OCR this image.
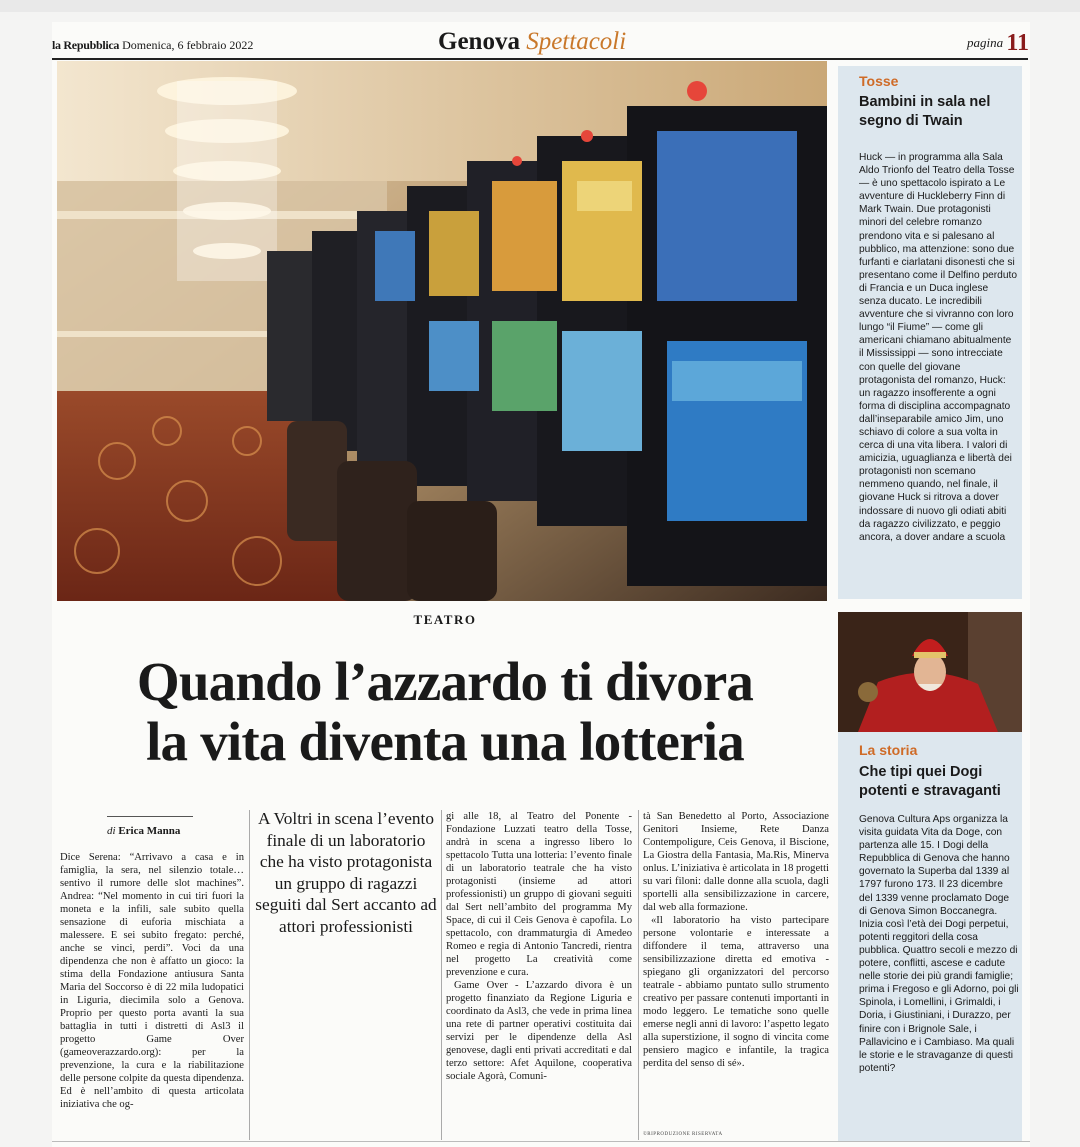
la Repubblica Domenica, 6 febbraio 2022	Genova Spettacoli	pagina 11
TEATRO
Quando l’azzardo ti divora
la vita diventa una lotteria
di Erica Manna

Dice Serena: “Arrivavo a casa e in famiglia, la sera, nel silenzio totale… sentivo il rumore delle slot machines”. Andrea: “Nel momento in cui tiri fuori la moneta e la infili, sale subito quella sensazione di euforia mischiata a malessere. E sei subito fregato: perché, anche se vinci, perdi”. Voci da una dipendenza che non è affatto un gioco: la stima della Fondazione antiusura Santa Maria del Soccorso è di 22 mila ludopatici in Liguria, diecimila solo a Genova. Proprio per questo porta avanti la sua battaglia in tutti i distretti di Asl3 il progetto Game Over (gameoverazzardo.org): per la prevenzione, la cura e la riabilitazione delle persone colpite da questa dipendenza. Ed è nell’ambito di questa articolata iniziativa che og-

A Voltri in scena l’evento finale di un laboratorio che ha visto protagonista un gruppo di ragazzi seguiti dal Sert accanto ad attori professionisti

gi alle 18, al Teatro del Ponente - Fondazione Luzzati teatro della Tosse, andrà in scena a ingresso libero lo spettacolo Tutta una lotteria: l’evento finale di un laboratorio teatrale che ha visto protagonisti (insieme ad attori professionisti) un gruppo di giovani seguiti dal Sert nell’ambito del programma My Space, di cui il Ceis Genova è capofila. Lo spettacolo, con drammaturgia di Amedeo Romeo e regia di Antonio Tancredi, rientra nel progetto La creatività come prevenzione e cura.

Game Over - L’azzardo divora è un progetto finanziato da Regione Liguria e coordinato da Asl3, che vede in prima linea una rete di partner operativi costituita dai servizi per le dipendenze della Asl genovese, dagli enti privati accreditati e dal terzo settore: Afet Aquilone, cooperativa sociale Agorà, Comuni-

tà San Benedetto al Porto, Associazione Genitori Insieme, Rete Danza Contempoligure, Ceis Genova, il Biscione, La Giostra della Fantasia, Ma.Ris, Minerva onlus. L’iniziativa è articolata in 18 progetti su vari filoni: dalle donne alla scuola, dagli sportelli alla sensibilizzazione in carcere, dal web alla formazione.

«Il laboratorio ha visto partecipare persone volontarie e interessate a diffondere il tema, attraverso una sensibilizzazione diretta ed emotiva - spiegano gli organizzatori del percorso teatrale - abbiamo puntato sullo strumento creativo per passare contenuti importanti in modo leggero. Le tematiche sono quelle emerse negli anni di lavoro: l’aspetto legato alla superstizione, il sogno di vincita come pensiero magico e infantile, la tragica perdita del senso di sé».

©RIPRODUZIONE RISERVATA
Tosse
Bambini in sala nel segno di Twain
Huck — in programma alla Sala Aldo Trionfo del Teatro della Tosse — è uno spettacolo ispirato a Le avventure di Huckleberry Finn di Mark Twain. Due protagonisti minori del celebre romanzo prendono vita e si palesano al pubblico, ma attenzione: sono due furfanti e ciarlatani disonesti che si presentano come il Delfino perduto di Francia e un Duca inglese senza ducato. Le incredibili avventure che si vivranno con loro lungo “il Fiume” — come gli americani chiamano abitualmente il Mississippi — sono intrecciate con quelle del giovane protagonista del romanzo, Huck: un ragazzo insofferente a ogni forma di disciplina accompagnato dall’inseparabile amico Jim, uno schiavo di colore a sua volta in cerca di una vita libera. I valori di amicizia, uguaglianza e libertà dei protagonisti non scemano nemmeno quando, nel finale, il giovane Huck si ritrova a dover indossare di nuovo gli odiati abiti da ragazzo civilizzato, e peggio ancora, a dover andare a scuola
La storia
Che tipi quei Dogi potenti e stravaganti
Genova Cultura Aps organizza la visita guidata Vita da Doge, con partenza alle 15. I Dogi della Repubblica di Genova che hanno governato la Superba dal 1339 al 1797 furono 173. Il 23 dicembre del 1339 venne proclamato Doge di Genova Simon Boccanegra. Inizia così l’età dei Dogi perpetui, potenti reggitori della cosa pubblica. Quattro secoli e mezzo di potere, conflitti, ascese e cadute nelle storie dei più grandi famiglie; prima i Fregoso e gli Adorno, poi gli Spinola, i Lomellini, i Grimaldi, i Doria, i Giustiniani, i Durazzo, per finire con i Brignole Sale, i Pallavicino e i Cambiaso. Ma quali le storie e le stravaganze di questi potenti?
